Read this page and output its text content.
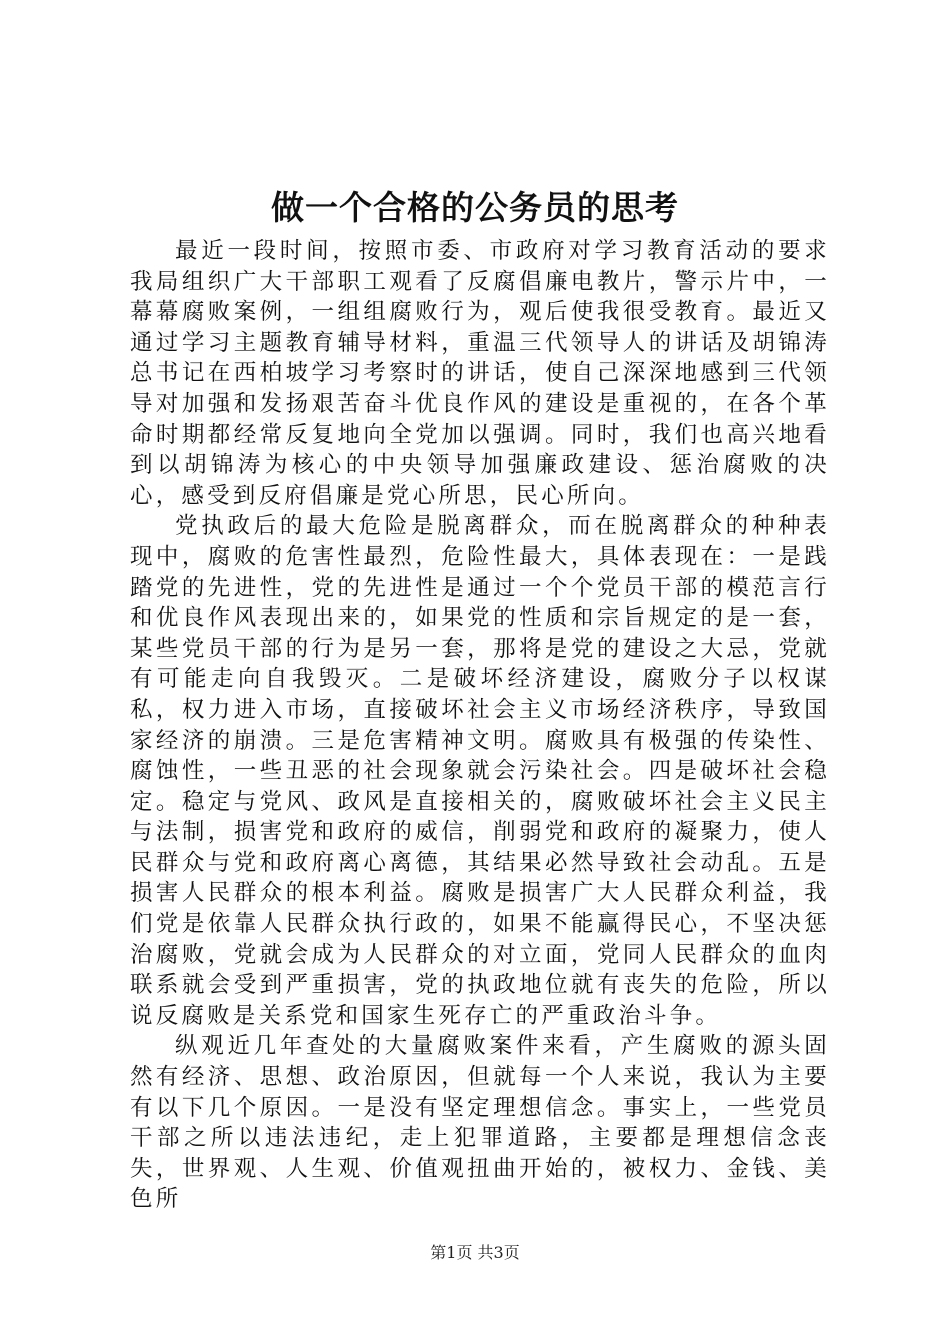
做一个合格的公务员的思考

最近一段时间，按照市委、市政府对学习教育活动的要求我局组织广大干部职工观看了反腐倡廉电教片，警示片中，一幕幕腐败案例，一组组腐败行为，观后使我很受教育。最近又通过学习主题教育辅导材料，重温三代领导人的讲话及胡锦涛总书记在西柏坡学习考察时的讲话，使自己深深地感到三代领导对加强和发扬艰苦奋斗优良作风的建设是重视的，在各个革命时期都经常反复地向全党加以强调。同时，我们也高兴地看到以胡锦涛为核心的中央领导加强廉政建设、惩治腐败的决心，感受到反府倡廉是党心所思，民心所向。

党执政后的最大危险是脱离群众，而在脱离群众的种种表现中，腐败的危害性最烈，危险性最大，具体表现在：一是践踏党的先进性，党的先进性是通过一个个党员干部的模范言行和优良作风表现出来的，如果党的性质和宗旨规定的是一套，某些党员干部的行为是另一套，那将是党的建设之大忌，党就有可能走向自我毁灭。二是破坏经济建设，腐败分子以权谋私，权力进入市场，直接破坏社会主义市场经济秩序，导致国家经济的崩溃。三是危害精神文明。腐败具有极强的传染性、腐蚀性，一些丑恶的社会现象就会污染社会。四是破坏社会稳定。稳定与党风、政风是直接相关的，腐败破坏社会主义民主与法制，损害党和政府的威信，削弱党和政府的凝聚力，使人民群众与党和政府离心离德，其结果必然导致社会动乱。五是损害人民群众的根本利益。腐败是损害广大人民群众利益，我们党是依靠人民群众执行政的，如果不能赢得民心，不坚决惩治腐败，党就会成为人民群众的对立面，党同人民群众的血肉联系就会受到严重损害，党的执政地位就有丧失的危险，所以说反腐败是关系党和国家生死存亡的严重政治斗争。

纵观近几年查处的大量腐败案件来看，产生腐败的源头固然有经济、思想、政治原因，但就每一个人来说，我认为主要有以下几个原因。一是没有坚定理想信念。事实上，一些党员干部之所以违法违纪，走上犯罪道路，主要都是理想信念丧失，世界观、人生观、价值观扭曲开始的，被权力、金钱、美色所

第1页 共3页
